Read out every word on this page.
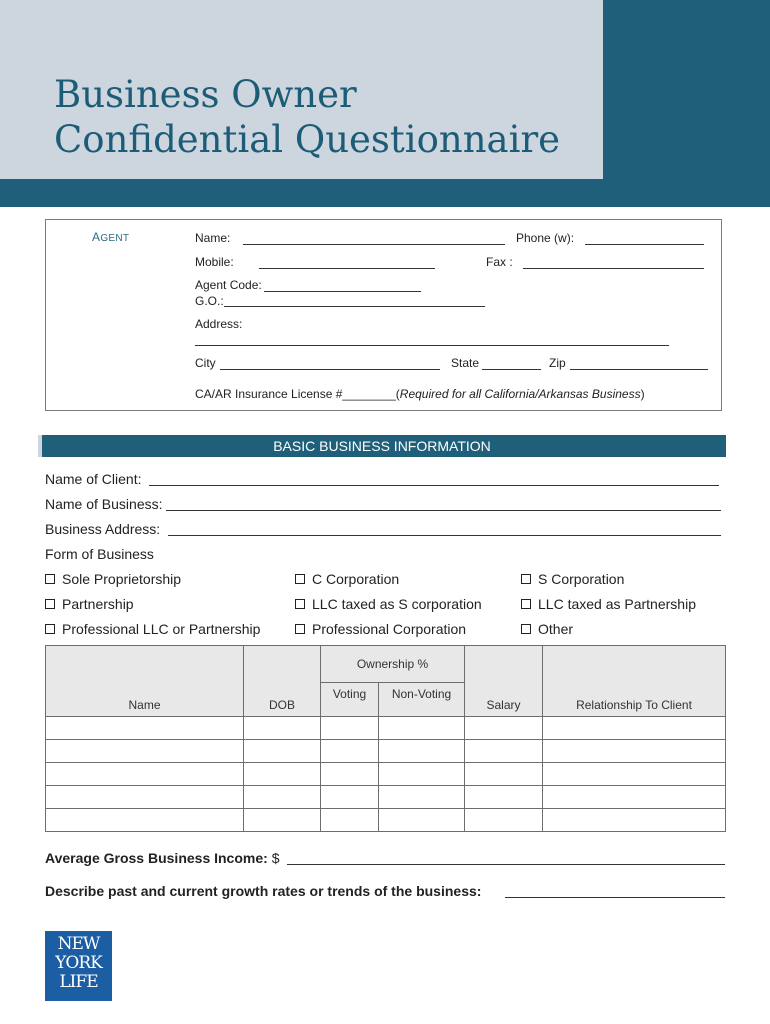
Business Owner
Confidential Questionnaire
AGENT	Name:	Phone (w):
Mobile:	Fax :
Agent Code:
G.O.:
Address:
City	State	Zip
CA/AR Insurance License #________(Required for all California/Arkansas Business)
BASIC BUSINESS INFORMATION
Name of Client:
Name of Business:
Business Address:
Form of Business
Sole Proprietorship	C Corporation	S Corporation
Partnership	LLC taxed as S corporation	LLC taxed as Partnership
Professional LLC or Partnership	Professional Corporation	Other
Name	DOB	Ownership %		Salary	Relationship To Client
		Voting	Non-Voting		

Average Gross Business Income: $
Describe past and current growth rates or trends of the business:
NEW
YORK
LIFE
